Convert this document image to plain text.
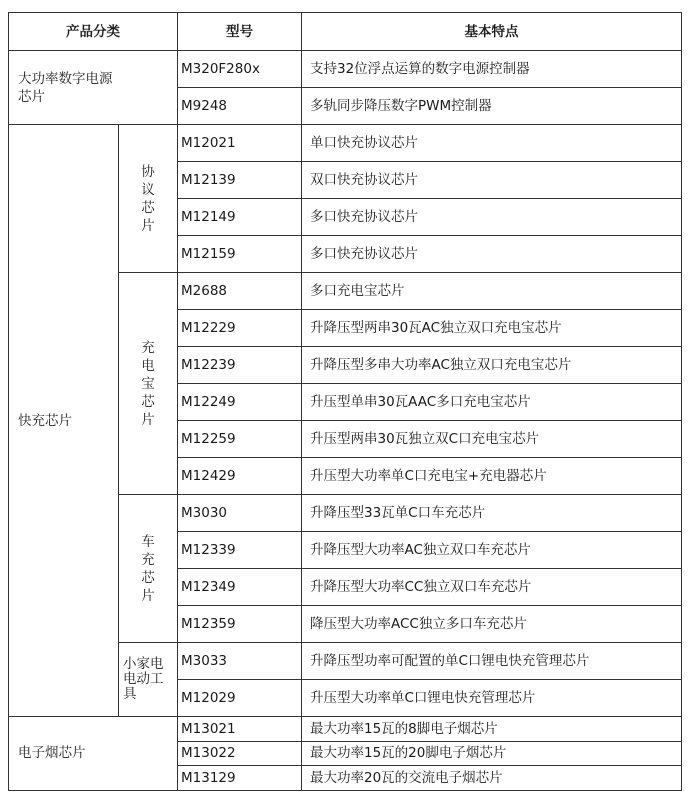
产品分类		型号	基本特点
大功率数字电源芯片		M320F280x	支持32位浮点运算的数字电源控制器
		M9248	多轨同步降压数字PWM控制器
快充芯片	协议芯片	M12021	单口快充协议芯片
		M12139	双口快充协议芯片
		M12149	多口快充协议芯片
		M12159	多口快充协议芯片
	充电宝芯片	M2688	多口充电宝芯片
		M12229	升降压型两串30瓦AC独立双口充电宝芯片
		M12239	升降压型多串大功率AC独立双口充电宝芯片
		M12249	升压型单串30瓦AAC多口充电宝芯片
		M12259	升压型两串30瓦独立双C口充电宝芯片
		M12429	升压型大功率单C口充电宝+充电器芯片
	车充芯片	M3030	升降压型33瓦单C口车充芯片
		M12339	升降压型大功率AC独立双口车充芯片
		M12349	升降压型大功率CC独立双口车充芯片
		M12359	降压型大功率ACC独立多口车充芯片
	小家电电动工具	M3033	升降压型功率可配置的单C口锂电快充管理芯片
		M12029	升压型大功率单C口锂电快充管理芯片
电子烟芯片		M13021	最大功率15瓦的8脚电子烟芯片
		M13022	最大功率15瓦的20脚电子烟芯片
		M13129	最大功率20瓦的交流电子烟芯片
